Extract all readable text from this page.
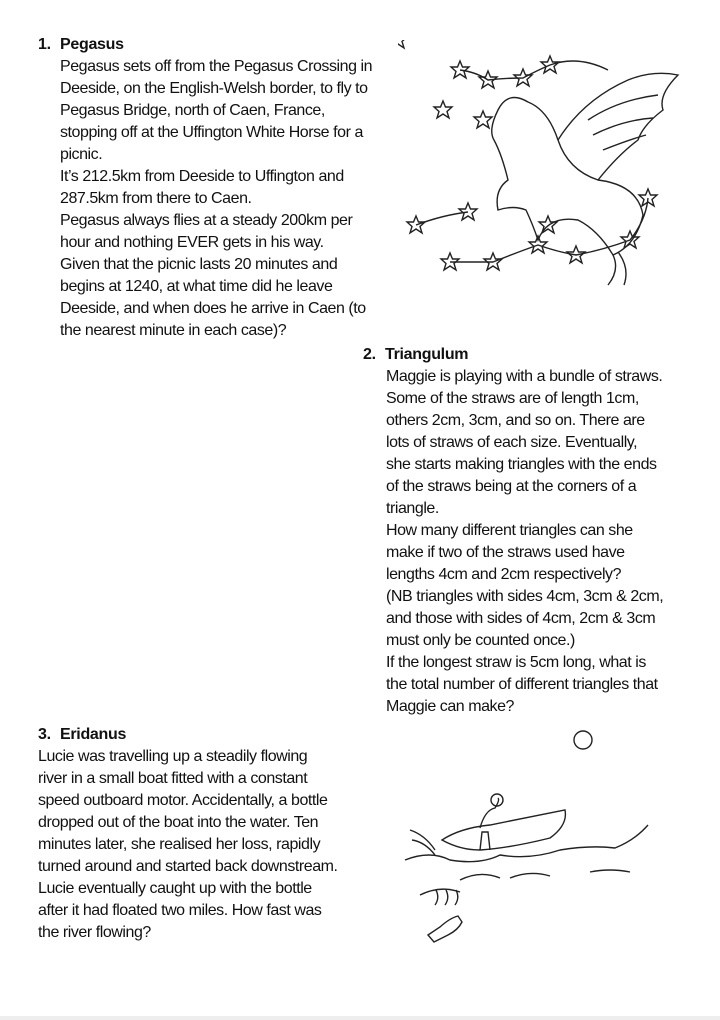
1. Pegasus
Pegasus sets off from the Pegasus Crossing in
Deeside, on the English-Welsh border, to fly to
Pegasus Bridge, north of Caen, France,
stopping off at the Uffington White Horse for a
picnic.
It’s 212.5km from Deeside to Uffington and
287.5km from there to Caen.
Pegasus always flies at a steady 200km per
hour and nothing EVER gets in his way.
Given that the picnic lasts 20 minutes and
begins at 1240, at what time did he leave
Deeside, and when does he arrive in Caen (to
the nearest minute in each case)?
2. Triangulum
Maggie is playing with a bundle of straws.
Some of the straws are of length 1cm,
others 2cm, 3cm, and so on. There are
lots of straws of each size. Eventually,
she starts making triangles with the ends
of the straws being at the corners of a
triangle.
How many different triangles can she
make if two of the straws used have
lengths 4cm and 2cm respectively?
(NB triangles with sides 4cm, 3cm & 2cm,
and those with sides of 4cm, 2cm & 3cm
must only be counted once.)
If the longest straw is 5cm long, what is
the total number of different triangles that
Maggie can make?
3. Eridanus
Lucie was travelling up a steadily flowing
river in a small boat fitted with a constant
speed outboard motor. Accidentally, a bottle
dropped out of the boat into the water. Ten
minutes later, she realised her loss, rapidly
turned around and started back downstream.
Lucie eventually caught up with the bottle
after it had floated two miles. How fast was
the river flowing?
